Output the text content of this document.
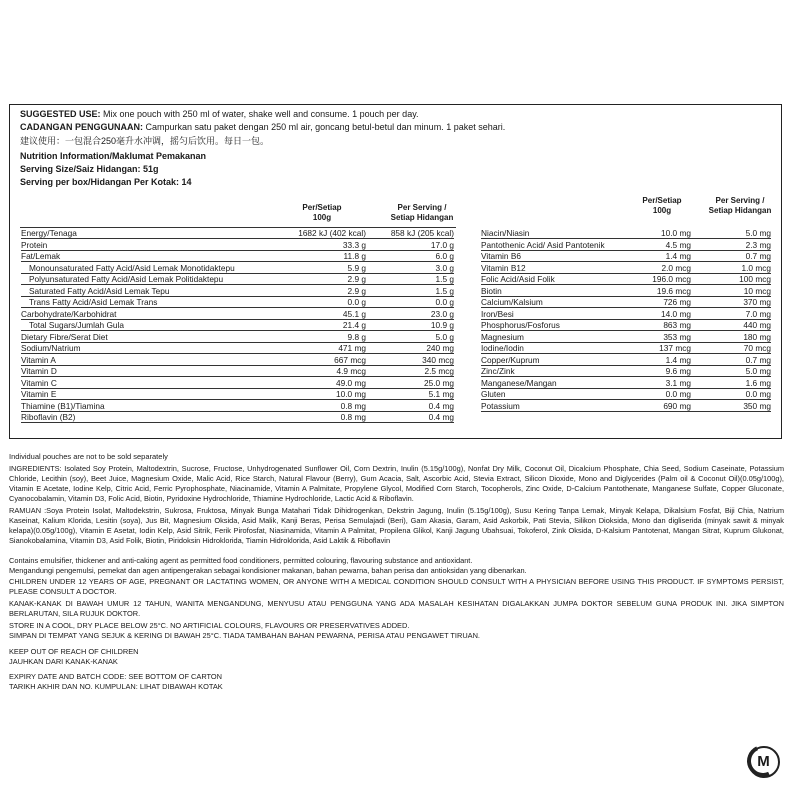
SUGGESTED USE: Mix one pouch with 250 ml of water, shake well and consume. 1 pouch per day.
CADANGAN PENGGUNAAN: Campurkan satu paket dengan 250 ml air, goncang betul-betul dan minum. 1 paket sehari.
建议使用：一包混合250毫升水冲调，摇匀后饮用。每日一包。
Nutrition Information/Maklumat Pemakanan
Serving Size/Saiz Hidangan: 51g
Serving per box/Hidangan Per Kotak: 14
Per/Setiap
100g
Per Serving /
Setiap Hidangan
Per/Setiap
100g
Per Serving /
Setiap Hidangan
Energy/Tenaga	1682 kJ (402 kcal)	858 kJ (205 kcal)
Protein	33.3 g	17.0 g
Fat/Lemak	11.8 g	6.0 g
Monounsaturated Fatty Acid/Asid Lemak Monotidaktepu	5.9 g	3.0 g
Polyunsaturated Fatty Acid/Asid Lemak Politidaktepu	2.9 g	1.5 g
Saturated Fatty Acid/Asid Lemak Tepu	2.9 g	1.5 g
Trans Fatty Acid/Asid Lemak Trans	0.0 g	0.0 g
Carbohydrate/Karbohidrat	45.1 g	23.0 g
Total Sugars/Jumlah Gula	21.4 g	10.9 g
Dietary Fibre/Serat Diet	9.8 g	5.0 g
Sodium/Natrium	471 mg	240 mg
Vitamin A	667 mcg	340 mcg
Vitamin D	4.9 mcg	2.5 mcg
Vitamin C	49.0 mg	25.0 mg
Vitamin E	10.0 mg	5.1 mg
Thiamine (B1)/Tiamina	0.8 mg	0.4 mg
Riboflavin (B2)	0.8 mg	0.4 mg
Niacin/Niasin	10.0 mg	5.0 mg
Pantothenic Acid/ Asid Pantotenik	4.5 mg	2.3 mg
Vitamin B6	1.4 mg	0.7 mg
Vitamin B12	2.0 mcg	1.0 mcg
Folic Acid/Asid Folik	196.0 mcg	100 mcg
Biotin	19.6 mcg	10 mcg
Calcium/Kalsium	726 mg	370 mg
Iron/Besi	14.0 mg	7.0 mg
Phosphorus/Fosforus	863 mg	440 mg
Magnesium	353 mg	180 mg
Iodine/Iodin	137 mcg	70 mcg
Copper/Kuprum	1.4 mg	0.7 mg
Zinc/Zink	9.6 mg	5.0 mg
Manganese/Mangan	3.1 mg	1.6 mg
Gluten	0.0 mg	0.0 mg
Potassium	690 mg	350 mg
Individual pouches are not to be sold separately
INGREDIENTS: Isolated Soy Protein, Maltodextrin, Sucrose, Fructose, Unhydrogenated Sunflower Oil, Corn Dextrin, Inulin (5.15g/100g), Nonfat Dry Milk, Coconut Oil, Dicalcium Phosphate, Chia Seed, Sodium Caseinate, Potassium Chloride, Lecithin (soy), Beet Juice, Magnesium Oxide, Malic Acid, Rice Starch, Natural Flavour (Berry), Gum Acacia, Salt, Ascorbic Acid, Stevia Extract, Silicon Dioxide, Mono and Diglycerides (Palm oil & Coconut Oil)(0.05g/100g), Vitamin E Acetate, Iodine Kelp, Citric Acid, Ferric Pyrophosphate, Niacinamide, Vitamin A Palmitate, Propylene Glycol, Modified Corn Starch, Tocopherols, Zinc Oxide, D-Calcium Pantothenate, Manganese Sulfate, Copper Gluconate, Cyanocobalamin, Vitamin D3, Folic Acid, Biotin, Pyridoxine Hydrochloride, Thiamine Hydrochloride, Lactic Acid & Riboflavin.
RAMUAN :Soya Protein Isolat, Maltodekstrin, Sukrosa, Fruktosa, Minyak Bunga Matahari Tidak Dihidrogenkan, Dekstrin Jagung, Inulin (5.15g/100g), Susu Kering Tanpa Lemak, Minyak Kelapa, Dikalsium Fosfat, Biji Chia, Natrium Kaseinat, Kalium Klorida, Lesitin (soya), Jus Bit, Magnesium Oksida, Asid Malik, Kanji Beras, Perisa Semulajadi (Beri), Gam Akasia, Garam, Asid Askorbik, Pati Stevia, Silikon Dioksida, Mono dan digliserida (minyak sawit & minyak kelapa)(0.05g/100g), Vitamin E Asetat, Iodin Kelp, Asid Sitrik, Ferik Pirofosfat, Niasinamida, Vitamin A Palmitat, Propilena Glikol, Kanji Jagung Ubahsuai, Tokoferol, Zink Oksida, D-Kalsium Pantotenat, Mangan Sitrat, Kuprum Glukonat, Sianokobalamina, Vitamin D3, Asid Folik, Biotin, Piridoksin Hidroklorida, Tiamin Hidroklorida, Asid Laktik & Riboflavin
Contains emulsifier, thickener and anti-caking agent as permitted food conditioners, permitted colouring, flavouring substance and antioxidant.
Mengandungi pengemulsi, pemekat dan agen antipengerakan sebagai kondisioner makanan, bahan pewarna, bahan perisa dan antioksidan yang dibenarkan.
CHILDREN UNDER 12 YEARS OF AGE, PREGNANT OR LACTATING WOMEN, OR ANYONE WITH A MEDICAL CONDITION SHOULD CONSULT WITH A PHYSICIAN BEFORE USING THIS PRODUCT. IF SYMPTOMS PERSIST, PLEASE CONSULT A DOCTOR.
KANAK-KANAK DI BAWAH UMUR 12 TAHUN, WANITA MENGANDUNG, MENYUSU ATAU PENGGUNA YANG ADA MASALAH KESIHATAN DIGALAKKAN JUMPA DOKTOR SEBELUM GUNA PRODUK INI. JIKA SIMPTON BERLARUTAN, SILA RUJUK DOKTOR.
STORE IN A COOL, DRY PLACE BELOW 25°C. NO ARTIFICIAL COLOURS, FLAVOURS OR PRESERVATIVES ADDED.
SIMPAN DI TEMPAT YANG SEJUK & KERING DI BAWAH 25°C. TIADA TAMBAHAN BAHAN PEWARNA, PERISA ATAU PENGAWET TIRUAN.
KEEP OUT OF REACH OF CHILDREN
JAUHKAN DARI KANAK-KANAK
EXPIRY DATE AND BATCH CODE: SEE BOTTOM OF CARTON
TARIKH AKHIR DAN NO. KUMPULAN: LIHAT DIBAWAH KOTAK
M
